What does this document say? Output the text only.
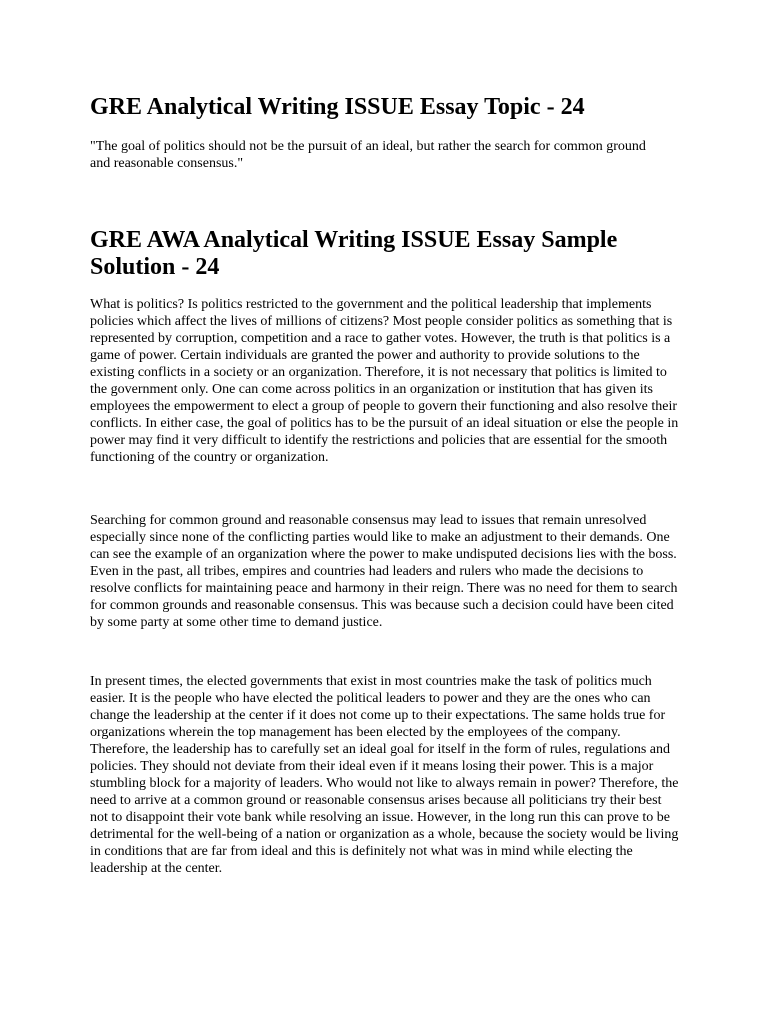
GRE Analytical Writing ISSUE Essay Topic - 24

"The goal of politics should not be the pursuit of an ideal, but rather the search for common ground and reasonable consensus."

GRE AWA Analytical Writing ISSUE Essay Sample Solution - 24

What is politics? Is politics restricted to the government and the political leadership that implements policies which affect the lives of millions of citizens? Most people consider politics as something that is represented by corruption, competition and a race to gather votes. However, the truth is that politics is a game of power. Certain individuals are granted the power and authority to provide solutions to the existing conflicts in a society or an organization. Therefore, it is not necessary that politics is limited to the government only. One can come across politics in an organization or institution that has given its employees the empowerment to elect a group of people to govern their functioning and also resolve their conflicts. In either case, the goal of politics has to be the pursuit of an ideal situation or else the people in power may find it very difficult to identify the restrictions and policies that are essential for the smooth functioning of the country or organization.

Searching for common ground and reasonable consensus may lead to issues that remain unresolved especially since none of the conflicting parties would like to make an adjustment to their demands. One can see the example of an organization where the power to make undisputed decisions lies with the boss. Even in the past, all tribes, empires and countries had leaders and rulers who made the decisions to resolve conflicts for maintaining peace and harmony in their reign. There was no need for them to search for common grounds and reasonable consensus. This was because such a decision could have been cited by some party at some other time to demand justice.

In present times, the elected governments that exist in most countries make the task of politics much easier. It is the people who have elected the political leaders to power and they are the ones who can change the leadership at the center if it does not come up to their expectations. The same holds true for organizations wherein the top management has been elected by the employees of the company. Therefore, the leadership has to carefully set an ideal goal for itself in the form of rules, regulations and policies. They should not deviate from their ideal even if it means losing their power. This is a major stumbling block for a majority of leaders. Who would not like to always remain in power? Therefore, the need to arrive at a common ground or reasonable consensus arises because all politicians try their best not to disappoint their vote bank while resolving an issue. However, in the long run this can prove to be detrimental for the well-being of a nation or organization as a whole, because the society would be living in conditions that are far from ideal and this is definitely not what was in mind while electing the leadership at the center.
